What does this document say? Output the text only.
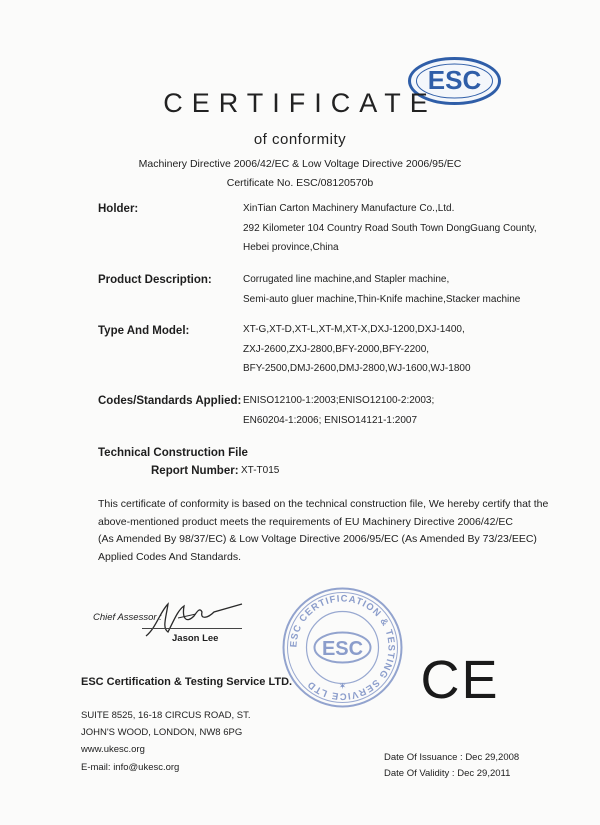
ESC
CERTIFICATE
of conformity
Machinery Directive 2006/42/EC & Low Voltage Directive 2006/95/EC
Certificate No. ESC/08120570b
Holder:	XinTian Carton Machinery Manufacture Co.,Ltd.
292 Kilometer 104 Country Road South Town DongGuang County,
Hebei province,China
Product Description:	Corrugated line machine,and Stapler machine,
Semi-auto gluer machine,Thin-Knife machine,Stacker machine
Type And Model:	XT-G,XT-D,XT-L,XT-M,XT-X,DXJ-1200,DXJ-1400,
ZXJ-2600,ZXJ-2800,BFY-2000,BFY-2200,
BFY-2500,DMJ-2600,DMJ-2800,WJ-1600,WJ-1800
Codes/Standards Applied: ENISO12100-1:2003;ENISO12100-2:2003;
EN60204-1:2006; ENISO14121-1:2007
Technical Construction File
Report Number: XT-T015
This certificate of conformity is based on the technical construction file, We hereby certify that the
above-mentioned product meets the requirements of EU Machinery Directive 2006/42/EC
(As Amended By 98/37/EC) & Low Voltage Directive 2006/95/EC (As Amended By 73/23/EEC)
Applied Codes And Standards.
Chief Assessor :
Jason Lee	ESC CERTIFICATION & TESTING SERVICE LTD
ESC
✶ CE
ESC Certification & Testing Service LTD.
SUITE 8525, 16-18 CIRCUS ROAD, ST.
JOHN'S WOOD, LONDON, NW8 6PG
www.ukesc.org
E-mail: info@ukesc.org
Date Of Issuance : Dec 29,2008
Date Of Validity : Dec 29,2011
